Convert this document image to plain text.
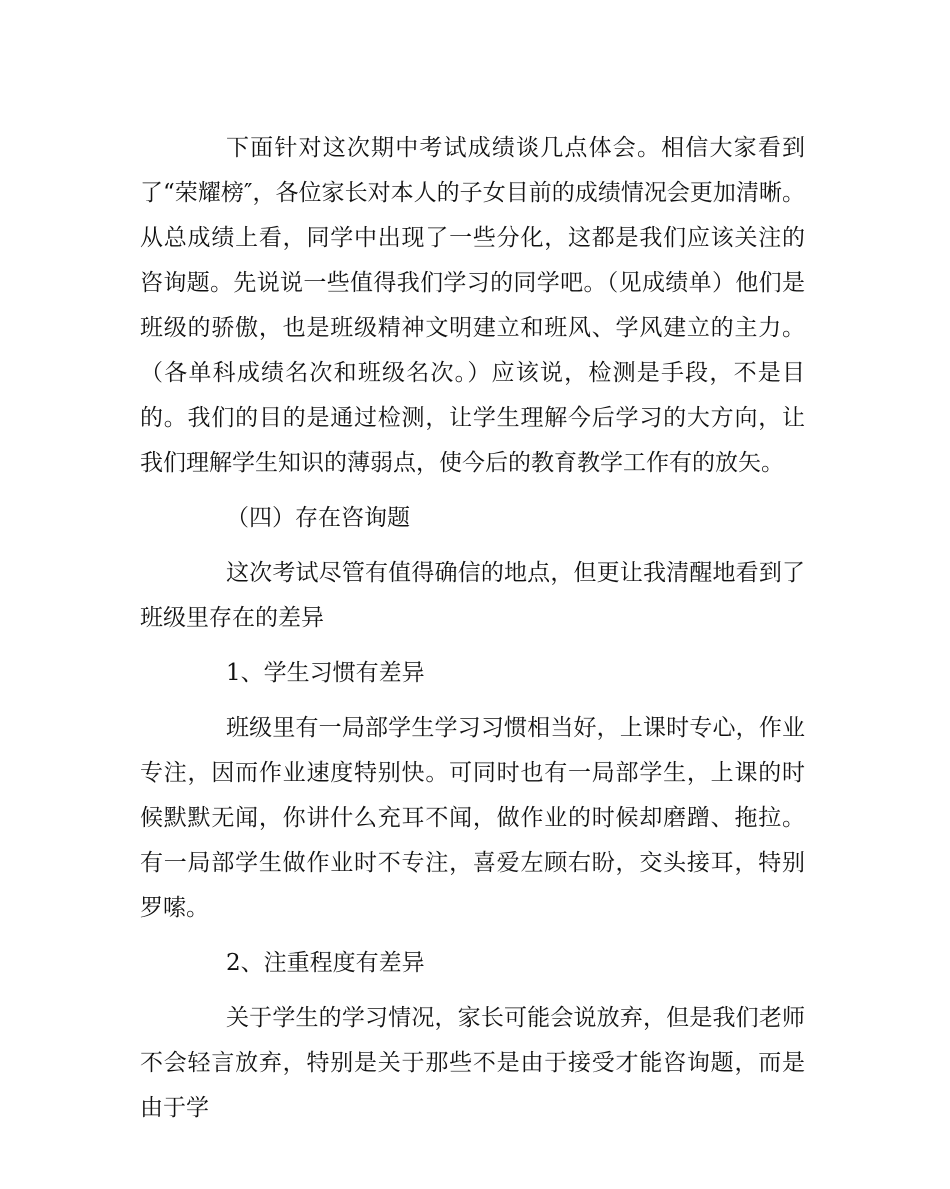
下面针对这次期中考试成绩谈几点体会。相信大家看到了“荣耀榜″，各位家长对本人的子女目前的成绩情况会更加清晰。从总成绩上看，同学中出现了一些分化，这都是我们应该关注的咨询题。先说说一些值得我们学习的同学吧。（见成绩单）他们是班级的骄傲，也是班级精神文明建立和班风、学风建立的主力。（各单科成绩名次和班级名次。）应该说，检测是手段，不是目的。我们的目的是通过检测，让学生理解今后学习的大方向，让我们理解学生知识的薄弱点，使今后的教育教学工作有的放矢。

（四）存在咨询题

这次考试尽管有值得确信的地点，但更让我清醒地看到了班级里存在的差异

1、学生习惯有差异

班级里有一局部学生学习习惯相当好，上课时专心，作业专注，因而作业速度特别快。可同时也有一局部学生，上课的时候默默无闻，你讲什么充耳不闻，做作业的时候却磨蹭、拖拉。有一局部学生做作业时不专注，喜爱左顾右盼，交头接耳，特别罗嗦。

2、注重程度有差异

关于学生的学习情况，家长可能会说放弃，但是我们老师不会轻言放弃，特别是关于那些不是由于接受才能咨询题，而是由于学
